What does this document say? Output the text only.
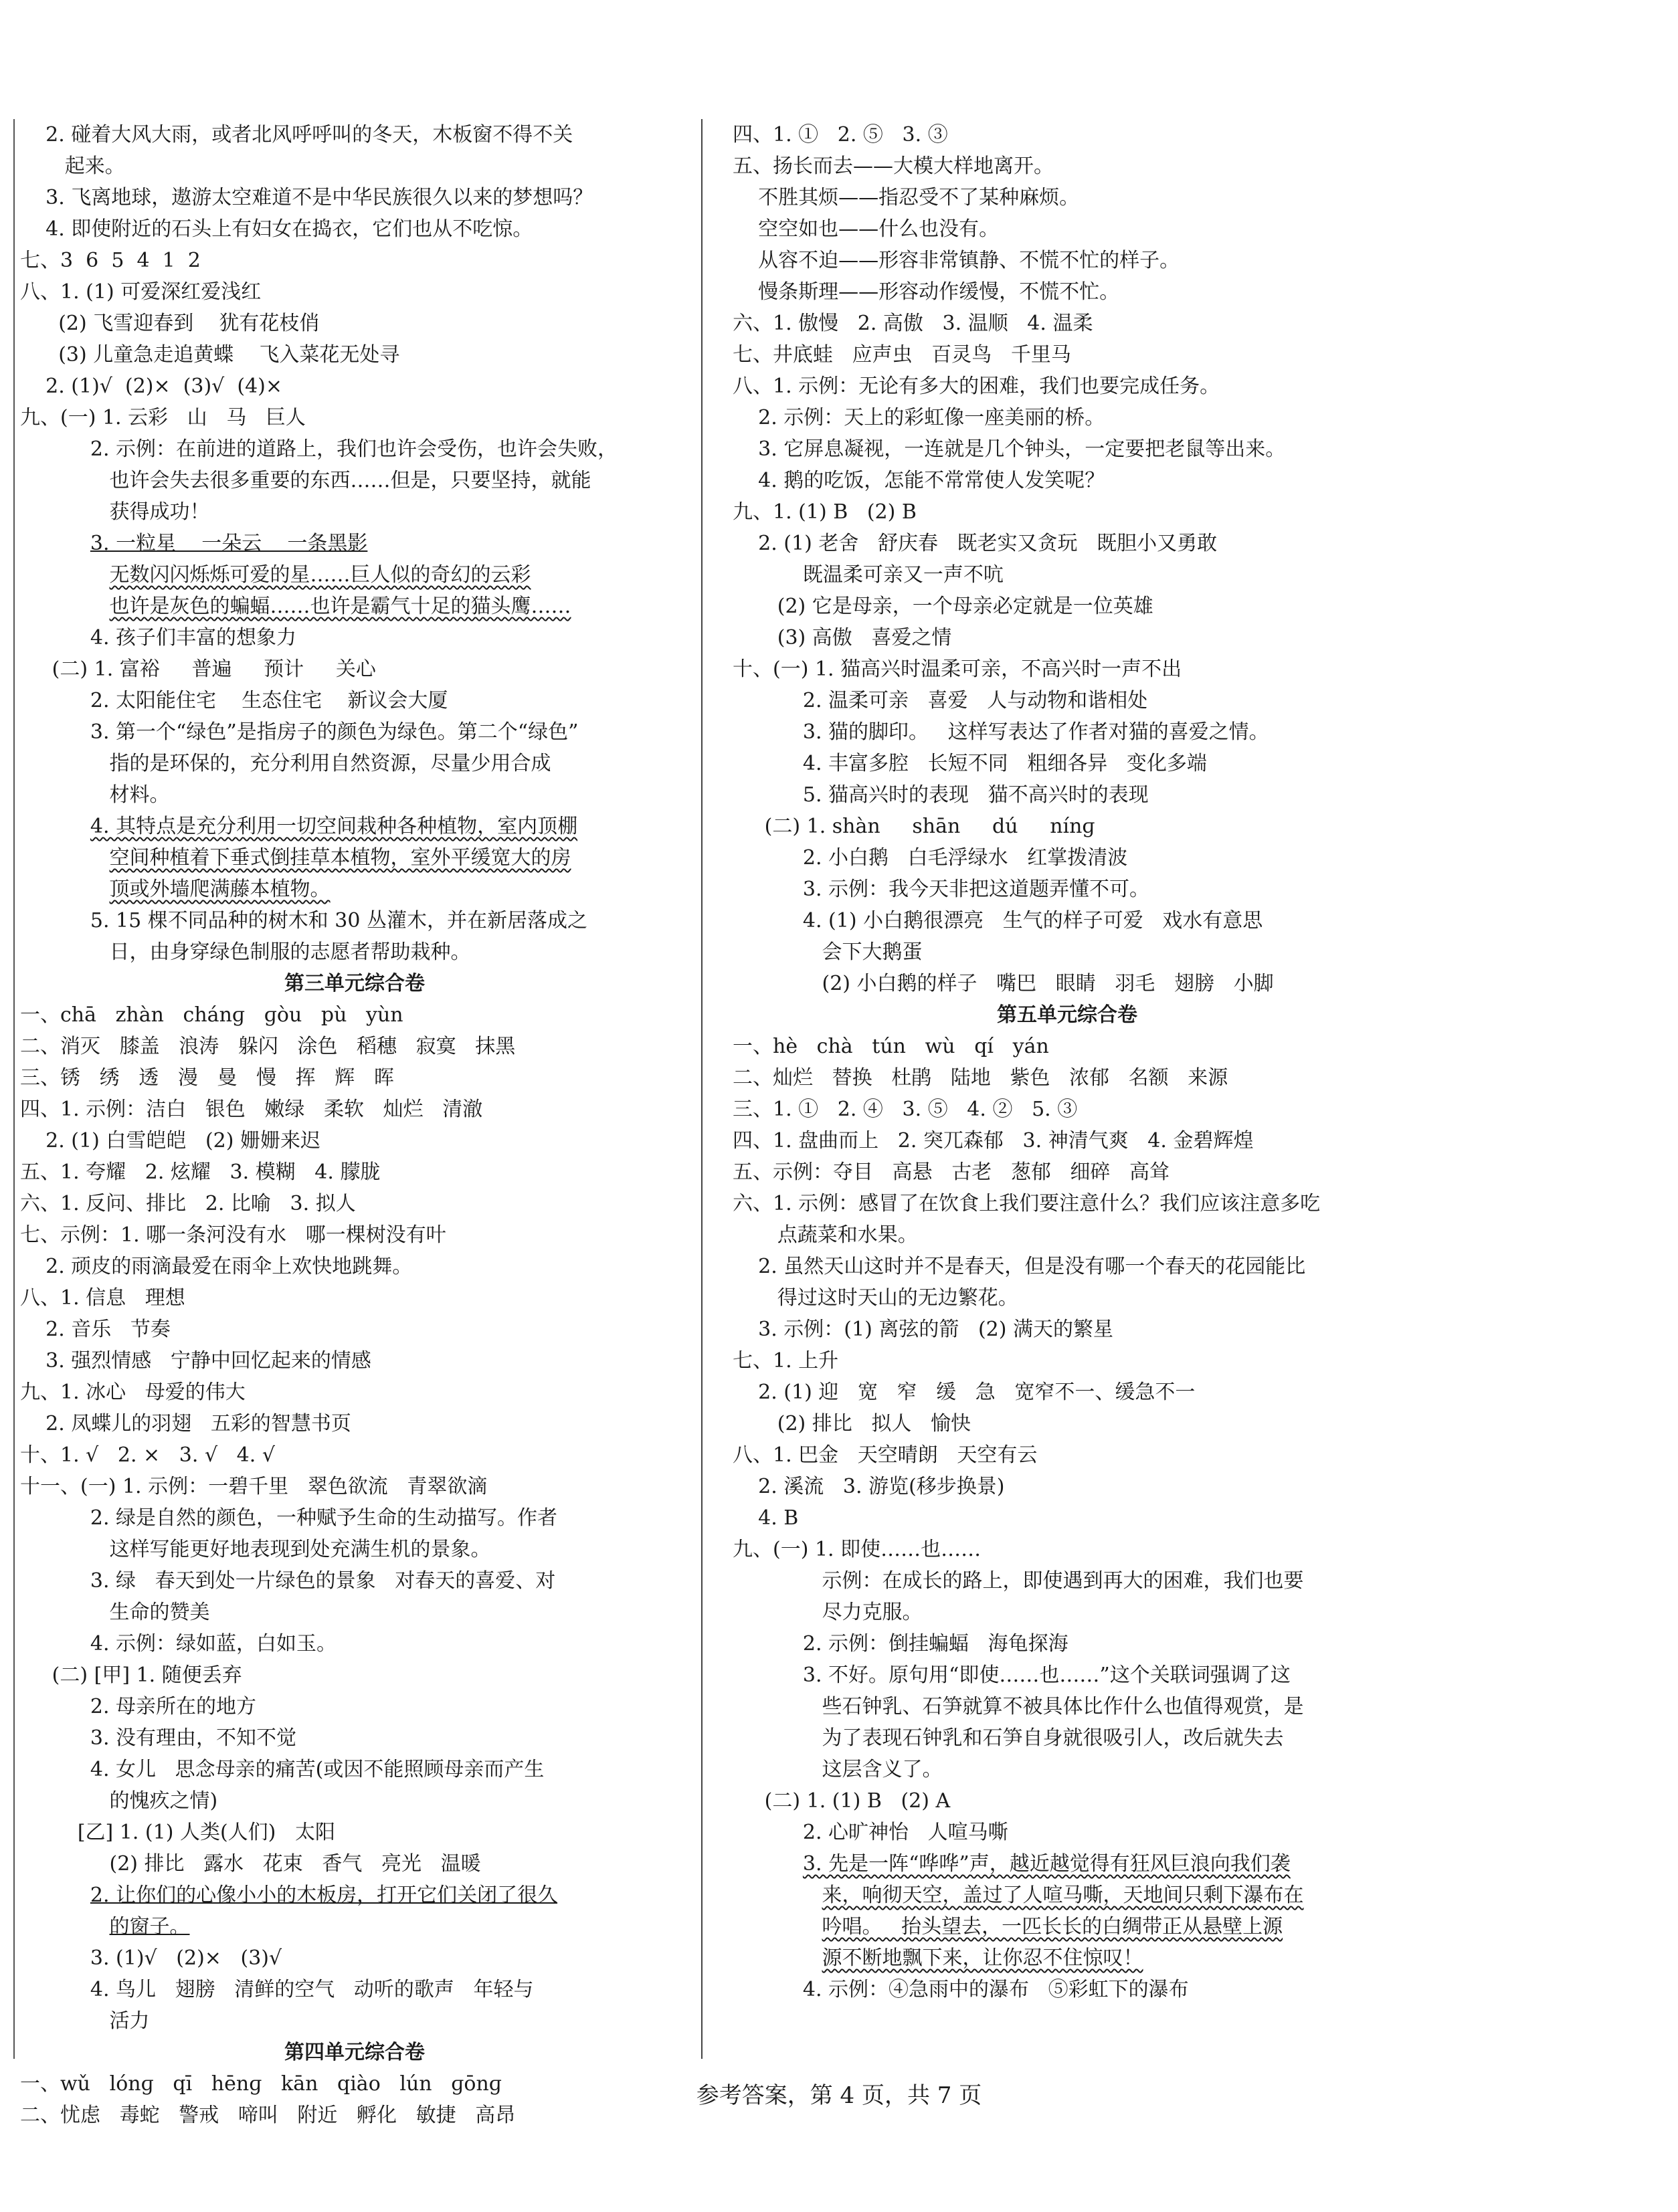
2. 碰着大风大雨，或者北风呼呼叫的冬天，木板窗不得不关
起来。
3. 飞离地球，遨游太空难道不是中华民族很久以来的梦想吗？
4. 即使附近的石头上有妇女在捣衣，它们也从不吃惊。
七、3  6  5  4  1  2
八、1. (1) 可爱深红爱浅红
(2) 飞雪迎春到    犹有花枝俏
(3) 儿童急走追黄蝶    飞入菜花无处寻
2. (1)√  (2)×  (3)√  (4)×
九、(一) 1. 云彩   山   马   巨人
2. 示例：在前进的道路上，我们也许会受伤，也许会失败，
也许会失去很多重要的东西……但是，只要坚持，就能
获得成功！
3. 一粒星    一朵云    一条黑影
无数闪闪烁烁可爱的星……巨人似的奇幻的云彩
也许是灰色的蝙蝠……也许是霸气十足的猫头鹰……
4. 孩子们丰富的想象力
(二) 1. 富裕     普遍     预计     关心
2. 太阳能住宅    生态住宅    新议会大厦
3. 第一个“绿色”是指房子的颜色为绿色。第二个“绿色”
指的是环保的，充分利用自然资源，尽量少用合成
材料。
4. 其特点是充分利用一切空间栽种各种植物，室内顶棚
空间种植着下垂式倒挂草本植物，室外平缓宽大的房
顶或外墙爬满藤本植物。
5. 15 棵不同品种的树木和 30 丛灌木，并在新居落成之
日，由身穿绿色制服的志愿者帮助栽种。
第三单元综合卷
一、chā   zhàn   chánɡ   ɡòu   pù   yùn
二、消灭   膝盖   浪涛   躲闪   涂色   稻穗   寂寞   抹黑
三、锈   绣   透   漫   曼   慢   挥   辉   晖
四、1. 示例：洁白   银色   嫩绿   柔软   灿烂   清澈
2. (1) 白雪皑皑   (2) 姗姗来迟
五、1. 夸耀   2. 炫耀   3. 模糊   4. 朦胧
六、1. 反问、排比   2. 比喻   3. 拟人
七、示例：1. 哪一条河没有水   哪一棵树没有叶
2. 顽皮的雨滴最爱在雨伞上欢快地跳舞。
八、1. 信息   理想
2. 音乐   节奏
3. 强烈情感   宁静中回忆起来的情感
九、1. 冰心   母爱的伟大
2. 凤蝶儿的羽翅   五彩的智慧书页
十、1. √   2. ×   3. √   4. √
十一、(一) 1. 示例：一碧千里   翠色欲流   青翠欲滴
2. 绿是自然的颜色，一种赋予生命的生动描写。作者
这样写能更好地表现到处充满生机的景象。
3. 绿   春天到处一片绿色的景象   对春天的喜爱、对
生命的赞美
4. 示例：绿如蓝，白如玉。
(二) [甲] 1. 随便丢弃
2. 母亲所在的地方
3. 没有理由，不知不觉
4. 女儿   思念母亲的痛苦(或因不能照顾母亲而产生
的愧疚之情)
[乙] 1. (1) 人类(人们)   太阳
(2) 排比   露水   花束   香气   亮光   温暖
2. 让你们的心像小小的木板房，打开它们关闭了很久
的窗子。
3. (1)√   (2)×   (3)√
4. 鸟儿   翅膀   清鲜的空气   动听的歌声   年轻与
活力
第四单元综合卷
一、wǔ   lónɡ   qī   hēnɡ   kān   qiào   lún   ɡōnɡ
二、忧虑   毒蛇   警戒   啼叫   附近   孵化   敏捷   高昂
四、1. ①   2. ⑤   3. ③
五、扬长而去——大模大样地离开。
不胜其烦——指忍受不了某种麻烦。
空空如也——什么也没有。
从容不迫——形容非常镇静、不慌不忙的样子。
慢条斯理——形容动作缓慢，不慌不忙。
六、1. 傲慢   2. 高傲   3. 温顺   4. 温柔
七、井底蛙   应声虫   百灵鸟   千里马
八、1. 示例：无论有多大的困难，我们也要完成任务。
2. 示例：天上的彩虹像一座美丽的桥。
3. 它屏息凝视，一连就是几个钟头，一定要把老鼠等出来。
4. 鹅的吃饭，怎能不常常使人发笑呢？
九、1. (1) B   (2) B
2. (1) 老舍   舒庆春   既老实又贪玩   既胆小又勇敢
既温柔可亲又一声不吭
(2) 它是母亲，一个母亲必定就是一位英雄
(3) 高傲   喜爱之情
十、(一) 1. 猫高兴时温柔可亲，不高兴时一声不出
2. 温柔可亲   喜爱   人与动物和谐相处
3. 猫的脚印。   这样写表达了作者对猫的喜爱之情。
4. 丰富多腔   长短不同   粗细各异   变化多端
5. 猫高兴时的表现   猫不高兴时的表现
(二) 1. shàn     shān     dú     nínɡ
2. 小白鹅   白毛浮绿水   红掌拨清波
3. 示例：我今天非把这道题弄懂不可。
4. (1) 小白鹅很漂亮   生气的样子可爱   戏水有意思
会下大鹅蛋
(2) 小白鹅的样子   嘴巴   眼睛   羽毛   翅膀   小脚
第五单元综合卷
一、hè   chà   tún   wù   qí   yán
二、灿烂   替换   杜鹃   陆地   紫色   浓郁   名额   来源
三、1. ①   2. ④   3. ⑤   4. ②   5. ③
四、1. 盘曲而上   2. 突兀森郁   3. 神清气爽   4. 金碧辉煌
五、示例：夺目   高悬   古老   葱郁   细碎   高耸
六、1. 示例：感冒了在饮食上我们要注意什么？我们应该注意多吃
点蔬菜和水果。
2. 虽然天山这时并不是春天，但是没有哪一个春天的花园能比
得过这时天山的无边繁花。
3. 示例：(1) 离弦的箭   (2) 满天的繁星
七、1. 上升
2. (1) 迎   宽   窄   缓   急   宽窄不一、缓急不一
(2) 排比   拟人   愉快
八、1. 巴金   天空晴朗   天空有云
2. 溪流   3. 游览(移步换景)
4. B
九、(一) 1. 即使……也……
示例：在成长的路上，即使遇到再大的困难，我们也要
尽力克服。
2. 示例：倒挂蝙蝠   海龟探海
3. 不好。原句用“即使……也……”这个关联词强调了这
些石钟乳、石笋就算不被具体比作什么也值得观赏，是
为了表现石钟乳和石笋自身就很吸引人，改后就失去
这层含义了。
(二) 1. (1) B   (2) A
2. 心旷神怡   人喧马嘶
3. 先是一阵“哗哗”声，越近越觉得有狂风巨浪向我们袭
来，响彻天空，盖过了人喧马嘶，天地间只剩下瀑布在
吟唱。   抬头望去，一匹长长的白绸带正从悬壁上源
源不断地飘下来，让你忍不住惊叹！
4. 示例：④急雨中的瀑布   ⑤彩虹下的瀑布
参考答案，第 4 页，共 7 页
